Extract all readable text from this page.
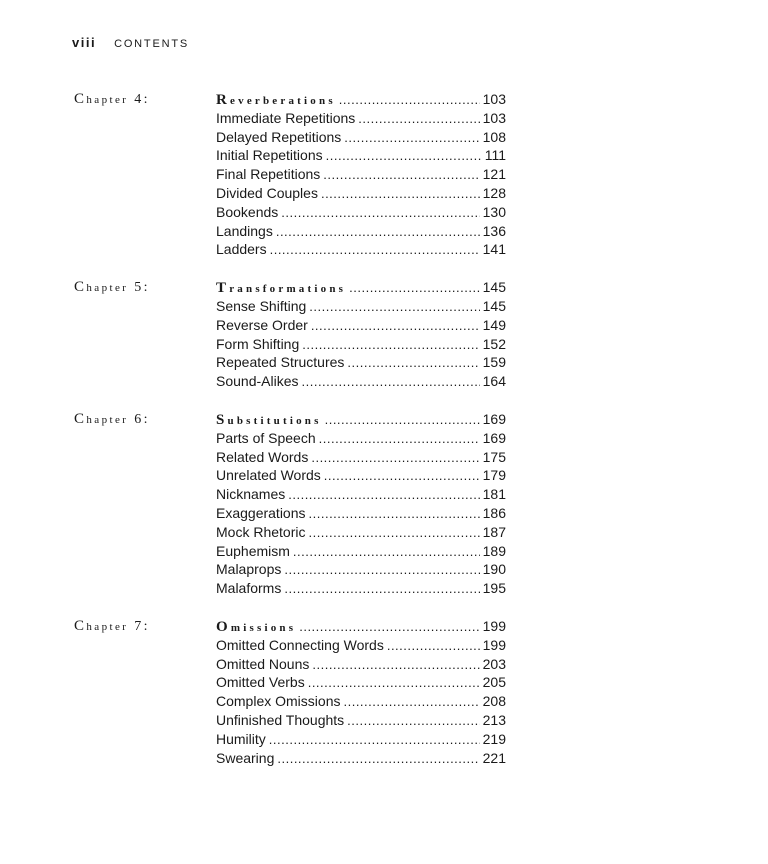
viii CONTENTS
Chapter 4:	Reverberations .....	103
Immediate Repetitions .....	103
Delayed Repetitions .....	108
Initial Repetitions .....	111
Final Repetitions .....	121
Divided Couples .....	128
Bookends .....	130
Landings .....	136
Ladders .....	141
Chapter 5:	Transformations .....	145
Sense Shifting .....	145
Reverse Order .....	149
Form Shifting .....	152
Repeated Structures .....	159
Sound-Alikes .....	164
Chapter 6:	Substitutions .....	169
Parts of Speech .....	169
Related Words .....	175
Unrelated Words .....	179
Nicknames .....	181
Exaggerations .....	186
Mock Rhetoric .....	187
Euphemism .....	189
Malaprops .....	190
Malaforms .....	195
Chapter 7:	Omissions .....	199
Omitted Connecting Words .....	199
Omitted Nouns .....	203
Omitted Verbs .....	205
Complex Omissions .....	208
Unfinished Thoughts .....	213
Humility .....	219
Swearing .....	221
